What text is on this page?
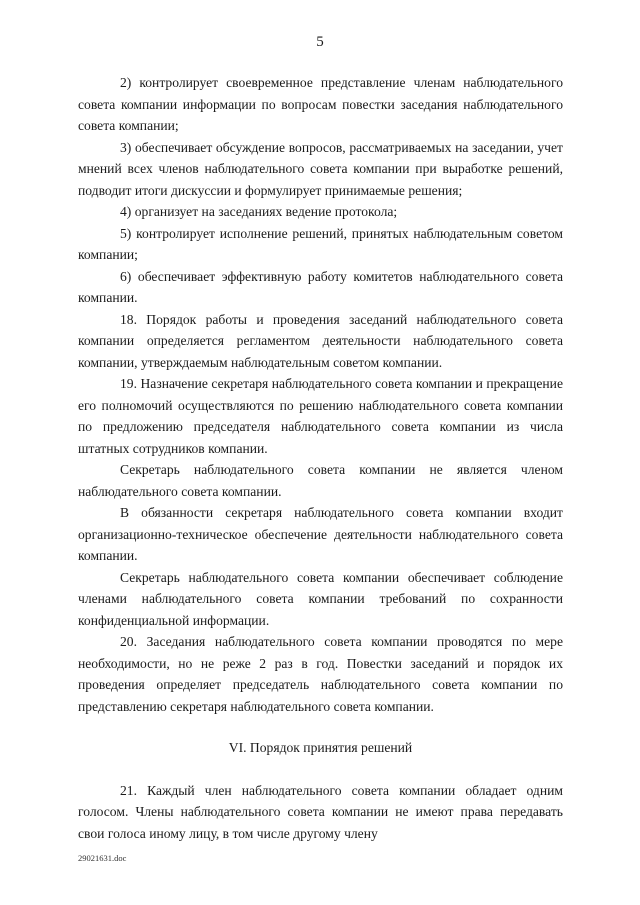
5

2) контролирует своевременное представление членам наблюдательного совета компании информации по вопросам повестки заседания наблюдательного совета компании;

3) обеспечивает обсуждение вопросов, рассматриваемых на заседании, учет мнений всех членов наблюдательного совета компании при выработке решений, подводит итоги дискуссии и формулирует принимаемые решения;

4) организует на заседаниях ведение протокола;

5) контролирует исполнение решений, принятых наблюдательным советом компании;

6) обеспечивает эффективную работу комитетов наблюдательного совета компании.

18. Порядок работы и проведения заседаний наблюдательного совета компании определяется регламентом деятельности наблюдательного совета компании, утверждаемым наблюдательным советом компании.

19. Назначение секретаря наблюдательного совета компании и прекращение его полномочий осуществляются по решению наблюдательного совета компании по предложению председателя наблюдательного совета компании из числа штатных сотрудников компании.

Секретарь наблюдательного совета компании не является членом наблюдательного совета компании.

В обязанности секретаря наблюдательного совета компании входит организационно-техническое обеспечение деятельности наблюдательного совета компании.

Секретарь наблюдательного совета компании обеспечивает соблюдение членами наблюдательного совета компании требований по сохранности конфиденциальной информации.

20. Заседания наблюдательного совета компании проводятся по мере необходимости, но не реже 2 раз в год. Повестки заседаний и порядок их проведения определяет председатель наблюдательного совета компании по представлению секретаря наблюдательного совета компании.

VI. Порядок принятия решений

21. Каждый член наблюдательного совета компании обладает одним голосом. Члены наблюдательного совета компании не имеют права передавать свои голоса иному лицу, в том числе другому члену

29021631.doc
